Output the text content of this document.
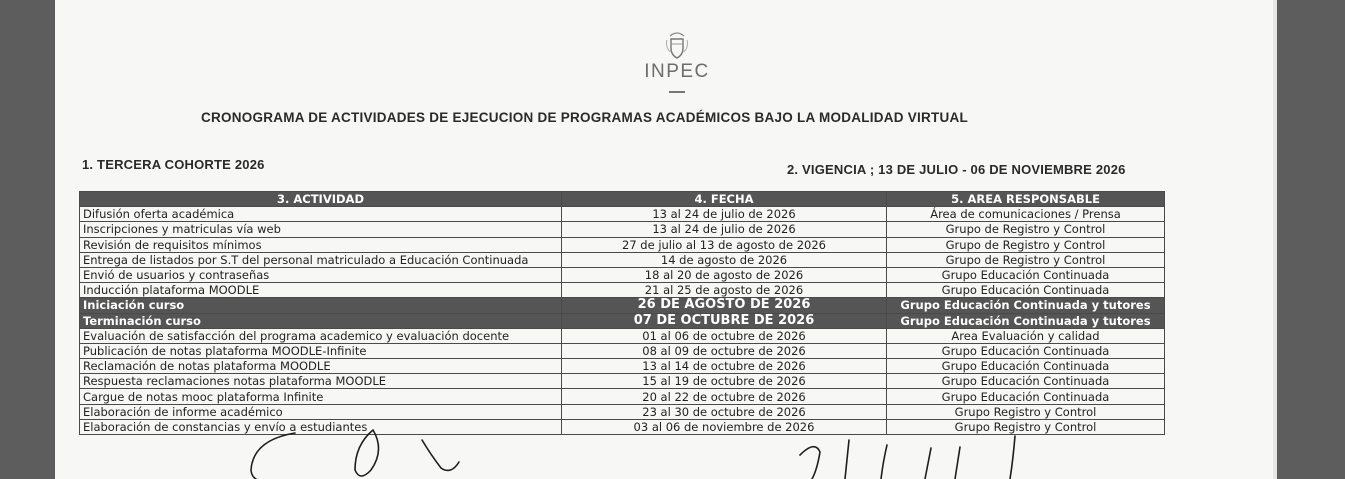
INPEC
CRONOGRAMA DE ACTIVIDADES DE EJECUCION DE PROGRAMAS ACADÉMICOS BAJO LA MODALIDAD VIRTUAL
1. TERCERA COHORTE 2026	2. VIGENCIA ; 13 DE JULIO - 06 DE NOVIEMBRE 2026
3. ACTIVIDAD	4. FECHA	5. AREA RESPONSABLE
Difusión oferta académica	13 al 24 de julio de 2026	Área de comunicaciones / Prensa
Inscripciones y matriculas vía web	13 al 24 de julio de 2026	Grupo de Registro y Control
Revisión de requisitos mínimos	27 de julio al 13 de agosto de 2026	Grupo de Registro y Control
Entrega de listados por S.T del personal matriculado a Educación Continuada	14 de agosto de 2026	Grupo de Registro y Control
Envió de usuarios y contraseñas	18 al 20 de agosto de 2026	Grupo Educación Continuada
Inducción plataforma MOODLE	21 al 25 de agosto de 2026	Grupo Educación Continuada
Iniciación curso	26 DE AGOSTO DE 2026	Grupo Educación Continuada y tutores
Terminación curso	07 DE OCTUBRE DE 2026	Grupo Educación Continuada y tutores
Evaluación de satisfacción del programa academico y evaluación docente	01 al 06 de octubre de 2026	Area Evaluación y calidad
Publicación de notas plataforma MOODLE-Infinite	08 al 09 de octubre de 2026	Grupo Educación Continuada
Reclamación de notas plataforma MOODLE	13 al 14 de octubre de 2026	Grupo Educación Continuada
Respuesta reclamaciones notas plataforma MOODLE	15 al 19 de octubre de 2026	Grupo Educación Continuada
Cargue de notas mooc plataforma Infinite	20 al 22 de octubre de 2026	Grupo Educación Continuada
Elaboración de informe académico	23 al 30 de octubre de 2026	Grupo Registro y Control
Elaboración de constancias y envío a estudiantes	03 al 06 de noviembre de 2026	Grupo Registro y Control
